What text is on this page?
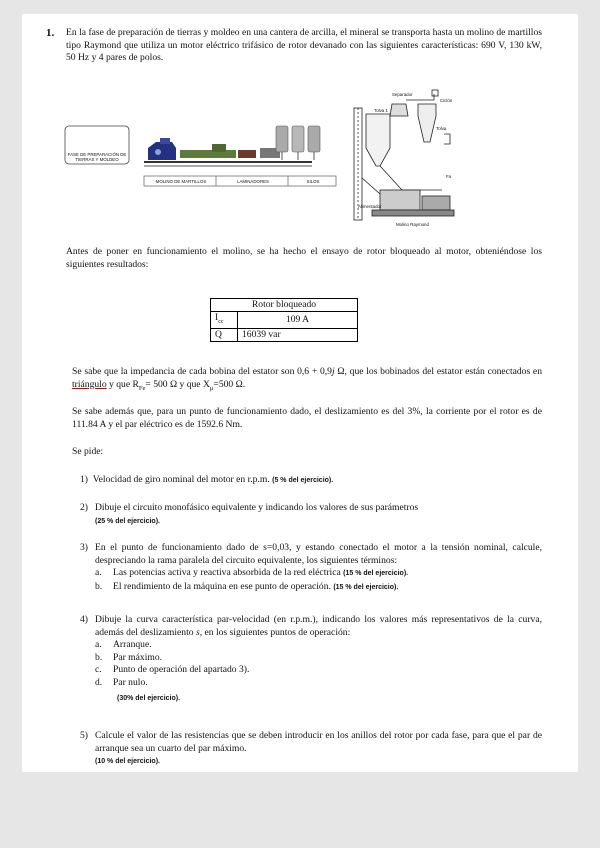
1. En la fase de preparación de tierras y moldeo en una cantera de arcilla, el mineral se transporta hasta un molino de martillos tipo Raymond que utiliza un motor eléctrico trifásico de rotor devanado con las siguientes características: 690 V, 130 kW, 50 Hz y 4 pares de polos.
FASE DE PREPARACIÓN DE TIERRAS Y MOLDEO
MOLINO DE MARTILLOS	LAMINADORES	SILOS
Separador
Ciclón
Tolva 1
Tolva
Fa
Alimentador
Molino Raymond
Antes de poner en funcionamiento el molino, se ha hecho el ensayo de rotor bloqueado al motor, obteniéndose los siguientes resultados:
Rotor bloqueado	
$I_{cc}$	109 A
Q	16039 var
Se sabe que la impedancia de cada bobina del estator son 0,6 + 0,9j Ω, que los bobinados del estator están conectados en triángulo y que $R_{Fe}= 500$ Ω y que $X_\mu=500$ Ω.
Se sabe además que, para un punto de funcionamiento dado, el deslizamiento es del 3%, la corriente por el rotor es de 111.84 A y el par eléctrico es de 1592.6 Nm.
Se pide:
1) Velocidad de giro nominal del motor en r.p.m. (5 % del ejercicio).
2) Dibuje el circuito monofásico equivalente y indicando los valores de sus parámetros
(25 % del ejercicio).
3) En el punto de funcionamiento dado de s=0,03, y estando conectado el motor a la tensión nominal, calcule, despreciando la rama paralela del circuito equivalente, los siguientes términos:
a. Las potencias activa y reactiva absorbida de la red eléctrica (15 % del ejercicio).
b. El rendimiento de la máquina en ese punto de operación. (15 % del ejercicio).
4) Dibuje la curva característica par-velocidad (en r.p.m.), indicando los valores más representativos de la curva, además del deslizamiento s, en los siguientes puntos de operación:
a. Arranque.
b. Par máximo.
c. Punto de operación del apartado 3).
d. Par nulo.
(30% del ejercicio).
5) Calcule el valor de las resistencias que se deben introducir en los anillos del rotor por cada fase, para que el par de arranque sea un cuarto del par máximo.
(10 % del ejercicio).
